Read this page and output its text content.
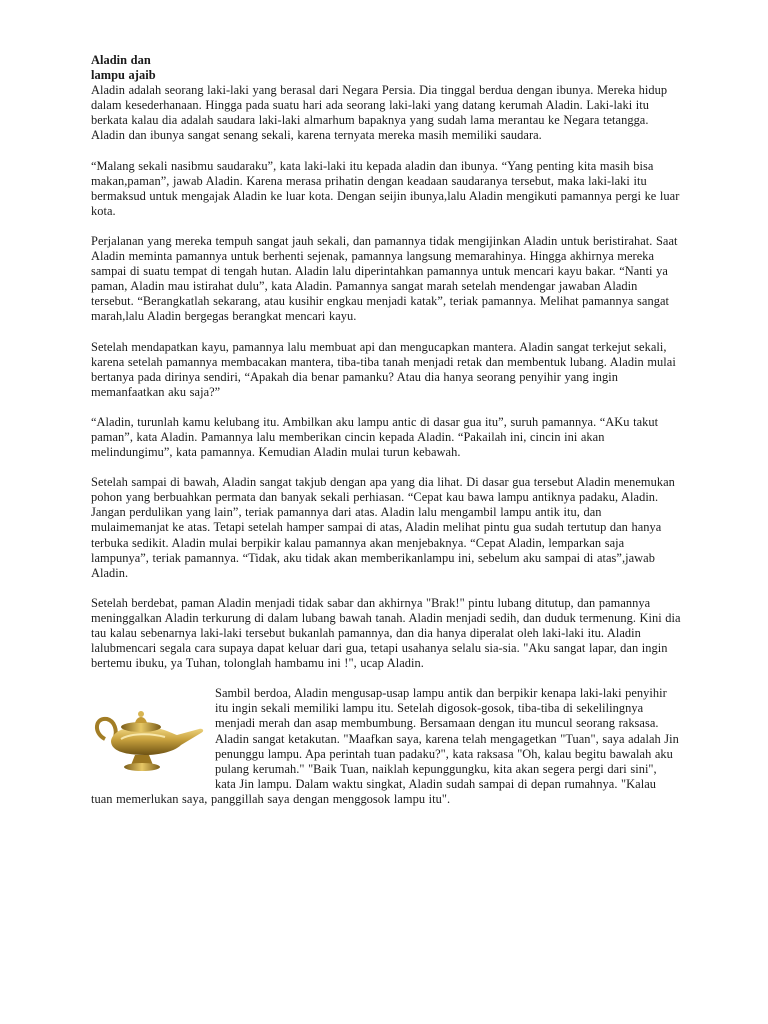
Aladin dan
lampu ajaib

Aladin adalah seorang laki-laki yang berasal dari Negara Persia. Dia tinggal berdua dengan ibunya. Mereka hidup dalam kesederhanaan. Hingga pada suatu hari ada seorang laki-laki yang datang kerumah Aladin. Laki-laki itu berkata kalau dia adalah saudara laki-laki almarhum bapaknya yang sudah lama merantau ke Negara tetangga. Aladin dan ibunya sangat senang sekali, karena ternyata mereka masih memiliki saudara.

“Malang sekali nasibmu saudaraku”, kata laki-laki itu kepada aladin dan ibunya. “Yang penting kita masih bisa makan,paman”, jawab Aladin. Karena merasa prihatin dengan keadaan saudaranya tersebut, maka laki-laki itu bermaksud untuk mengajak Aladin ke luar kota. Dengan seijin ibunya,lalu Aladin mengikuti pamannya pergi ke luar kota.

Perjalanan yang mereka tempuh sangat jauh sekali, dan pamannya tidak mengijinkan Aladin untuk beristirahat. Saat Aladin meminta pamannya untuk berhenti sejenak, pamannya langsung memarahinya. Hingga akhirnya mereka sampai di suatu tempat di tengah hutan. Aladin lalu diperintahkan pamannya untuk mencari kayu bakar. “Nanti ya paman, Aladin mau istirahat dulu”, kata Aladin. Pamannya sangat marah setelah mendengar jawaban Aladin tersebut. “Berangkatlah sekarang, atau kusihir engkau menjadi katak”, teriak pamannya. Melihat pamannya sangat marah,lalu Aladin bergegas berangkat mencari kayu.

Setelah mendapatkan kayu, pamannya lalu membuat api dan mengucapkan mantera. Aladin sangat terkejut sekali, karena setelah pamannya membacakan mantera, tiba-tiba tanah menjadi retak dan membentuk lubang. Aladin mulai bertanya pada dirinya sendiri, “Apakah dia benar pamanku? Atau dia hanya seorang penyihir yang ingin memanfaatkan aku saja?”

“Aladin, turunlah kamu kelubang itu. Ambilkan aku lampu antic di dasar gua itu”, suruh pamannya. “AKu takut paman”, kata Aladin. Pamannya lalu memberikan cincin kepada Aladin. “Pakailah ini, cincin ini akan melindungimu”, kata pamannya. Kemudian Aladin mulai turun kebawah.

Setelah sampai di bawah, Aladin sangat takjub dengan apa yang dia lihat. Di dasar gua tersebut Aladin menemukan pohon yang berbuahkan permata dan banyak sekali perhiasan. “Cepat kau bawa lampu antiknya padaku, Aladin. Jangan perdulikan yang lain”, teriak pamannya dari atas. Aladin lalu mengambil lampu antik itu, dan mulaimemanjat ke atas. Tetapi setelah hamper sampai di atas, Aladin melihat pintu gua sudah tertutup dan hanya terbuka sedikit. Aladin mulai berpikir kalau pamannya akan menjebaknya. “Cepat Aladin, lemparkan saja lampunya”, teriak pamannya. “Tidak, aku tidak akan memberikanlampu ini, sebelum aku sampai di atas”,jawab Aladin.

Setelah berdebat, paman Aladin menjadi tidak sabar dan akhirnya "Brak!" pintu lubang ditutup, dan pamannya meninggalkan Aladin terkurung di dalam lubang bawah tanah. Aladin menjadi sedih, dan duduk termenung. Kini dia tau kalau sebenarnya laki-laki tersebut bukanlah pamannya, dan dia hanya diperalat oleh laki-laki itu. Aladin lalubmencari segala cara supaya dapat keluar dari gua, tetapi usahanya selalu sia-sia. "Aku sangat lapar, dan ingin bertemu ibuku, ya Tuhan, tolonglah hambamu ini !", ucap Aladin.

Sambil berdoa, Aladin mengusap-usap lampu antik dan berpikir kenapa laki-laki penyihir itu ingin sekali memiliki lampu itu. Setelah digosok-gosok, tiba-tiba di sekelilingnya menjadi merah dan asap membumbung. Bersamaan dengan itu muncul seorang raksasa. Aladin sangat ketakutan. "Maafkan saya, karena telah mengagetkan "Tuan", saya adalah Jin penunggu lampu. Apa perintah tuan padaku?", kata raksasa "Oh, kalau begitu bawalah aku pulang kerumah." "Baik Tuan, naiklah kepunggungku, kita akan segera pergi dari sini", kata Jin lampu. Dalam waktu singkat, Aladin sudah sampai di depan rumahnya. "Kalau tuan memerlukan saya, panggillah saya dengan menggosok lampu itu".
